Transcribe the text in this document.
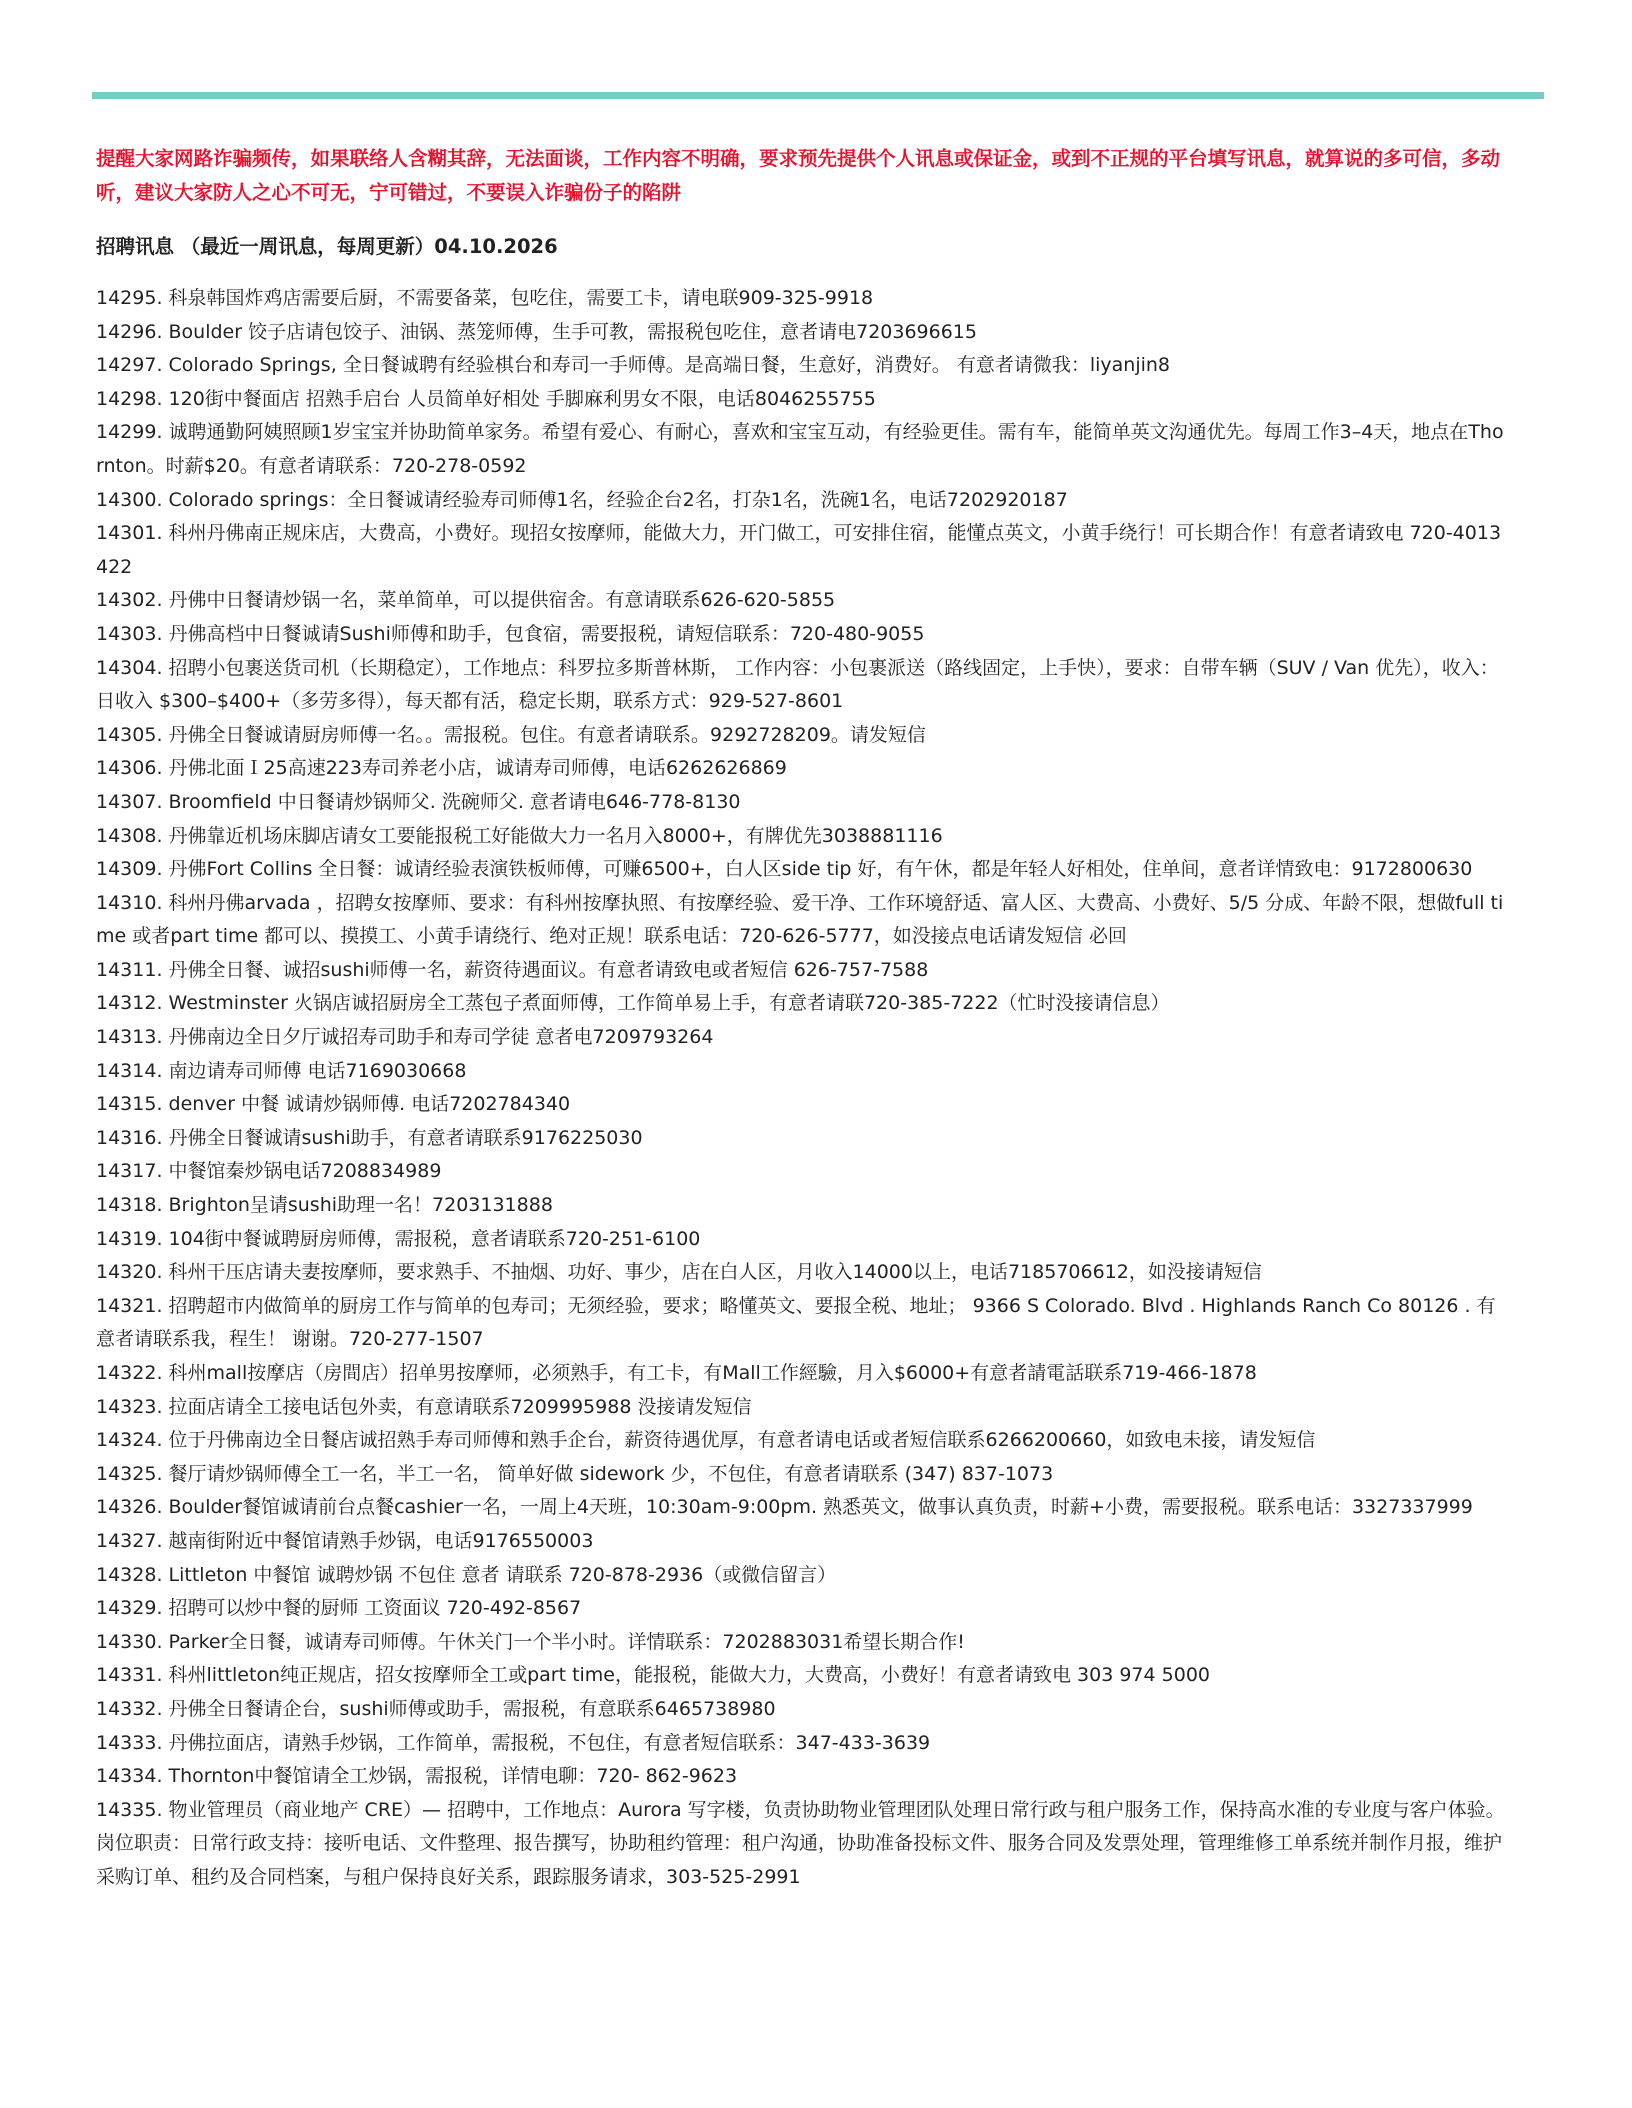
提醒大家网路诈骗频传，如果联络人含糊其辞，无法面谈，工作内容不明确，要求预先提供个人讯息或保证金，或到不正规的平台填写讯息，就算说的多可信，多动听，建议大家防人之心不可无，宁可错过，不要误入诈骗份子的陷阱

招聘讯息 （最近一周讯息，每周更新）04.10.2026

14295. 科泉韩国炸鸡店需要后厨，不需要备菜，包吃住，需要工卡，请电联909-325-9918
14296. Boulder 饺子店请包饺子、油锅、蒸笼师傅，生手可教，需报税包吃住，意者请电7203696615
14297. Colorado Springs, 全日餐诚聘有经验棋台和寿司一手师傅。是高端日餐，生意好，消费好。 有意者请微我：liyanjin8
14298. 120街中餐面店 招熟手启台 人员简单好相处 手脚麻利男女不限，电话8046255755
14299. 诚聘通勤阿姨照顾1岁宝宝并协助简单家务。希望有爱心、有耐心，喜欢和宝宝互动，有经验更佳。需有车，能简单英文沟通优先。每周工作3–4天，地点在Thornton。时薪$20。有意者请联系：720-278-0592
14300. Colorado springs：全日餐诚请经验寿司师傅1名，经验企台2名，打杂1名，洗碗1名，电话7202920187
14301. 科州丹佛南正规床店，大费高，小费好。现招女按摩师，能做大力，开门做工，可安排住宿，能懂点英文，小黄手绕行！可长期合作！有意者请致电 720-4013422
14302. 丹佛中日餐请炒锅一名，菜单简单，可以提供宿舍。有意请联系626-620-5855
14303. 丹佛高档中日餐诚请Sushi师傅和助手，包食宿，需要报税，请短信联系：720-480-9055
14304. 招聘小包裹送货司机（长期稳定），工作地点：科罗拉多斯普林斯， 工作内容：小包裹派送（路线固定，上手快），要求：自带车辆（SUV / Van 优先），收入：日收入 $300–$400+（多劳多得），每天都有活，稳定长期，联系方式：929-527-8601
14305. 丹佛全日餐诚请厨房师傅一名。。需报税。包住。有意者请联系。9292728209。请发短信
14306. 丹佛北面Ｉ25高速223寿司养老小店，诚请寿司师傅，电话6262626869
14307. Broomfield 中日餐请炒锅师父. 洗碗师父. 意者请电646-778-8130
14308. 丹佛靠近机场床脚店请女工要能报税工好能做大力一名月入8000+，有牌优先3038881116
14309. 丹佛Fort Collins 全日餐：诚请经验表演铁板师傅，可赚6500+，白人区side tip 好，有午休，都是年轻人好相处，住单间，意者详情致电：9172800630
14310. 科州丹佛arvada ，招聘女按摩师、要求：有科州按摩执照、有按摩经验、爱干净、工作环境舒适、富人区、大费高、小费好、5/5 分成、年龄不限，想做full time 或者part time 都可以、摸摸工、小黄手请绕行、绝对正规！联系电话：720-626-5777，如没接点电话请发短信 必回
14311. 丹佛全日餐、诚招sushi师傅一名，薪资待遇面议。有意者请致电或者短信 626-757-7588
14312. Westminster 火锅店诚招厨房全工蒸包子煮面师傅，工作简单易上手，有意者请联720-385-7222（忙时没接请信息）
14313. 丹佛南边全日夕厅诚招寿司助手和寿司学徒 意者电7209793264
14314. 南边请寿司师傅 电话7169030668
14315. denver 中餐 诚请炒锅师傅. 电话7202784340
14316. 丹佛全日餐诚请sushi助手，有意者请联系9176225030
14317. 中餐馆秦炒锅电话7208834989
14318. Brighton呈请sushi助理一名！7203131888
14319. 104街中餐诚聘厨房师傅，需报税，意者请联系720-251-6100
14320. 科州干压店请夫妻按摩师，要求熟手、不抽烟、功好、事少，店在白人区，月收入14000以上，电话7185706612，如没接请短信
14321. 招聘超市内做简单的厨房工作与简单的包寿司；无须经验，要求；略懂英文、要报全税、地址； 9366 S Colorado. Blvd . Highlands Ranch Co 80126 . 有意者请联系我，程生！ 谢谢。720-277-1507
14322. 科州mall按摩店（房間店）招单男按摩师，必须熟手，有工卡，有Mall工作經驗，月入$6000+有意者請電話联系719-466-1878
14323. 拉面店请全工接电话包外卖，有意请联系7209995988 没接请发短信
14324. 位于丹佛南边全日餐店诚招熟手寿司师傅和熟手企台，薪资待遇优厚，有意者请电话或者短信联系6266200660，如致电未接，请发短信
14325. 餐厅请炒锅师傅全工一名，半工一名， 简单好做 sidework 少，不包住，有意者请联系 (347) 837-1073
14326. Boulder餐馆诚请前台点餐cashier一名，一周上4天班，10:30am-9:00pm. 熟悉英文，做事认真负责，时薪+小费，需要报税。联系电话：3327337999
14327. 越南街附近中餐馆请熟手炒锅，电话9176550003
14328. Littleton 中餐馆 诚聘炒锅 不包住 意者 请联系 720-878-2936（或微信留言）
14329. 招聘可以炒中餐的厨师 工资面议 720-492-8567
14330. Parker全日餐，诚请寿司师傅。午休关门一个半小时。详情联系：7202883031希望长期合作!
14331. 科州littleton纯正规店，招女按摩师全工或part time，能报税，能做大力，大费高，小费好！有意者请致电 303 974 5000
14332. 丹佛全日餐请企台，sushi师傅或助手，需报税，有意联系6465738980
14333. 丹佛拉面店，请熟手炒锅，工作简单，需报税，不包住，有意者短信联系：347-433-3639
14334. Thornton中餐馆请全工炒锅，需报税，详情电聊：720- 862-9623
14335. 物业管理员（商业地产 CRE）— 招聘中，工作地点：Aurora 写字楼，负责协助物业管理团队处理日常行政与租户服务工作，保持高水准的专业度与客户体验。岗位职责：日常行政支持：接听电话、文件整理、报告撰写，协助租约管理：租户沟通，协助准备投标文件、服务合同及发票处理，管理维修工单系统并制作月报，维护采购订单、租约及合同档案，与租户保持良好关系，跟踪服务请求，303-525-2991
